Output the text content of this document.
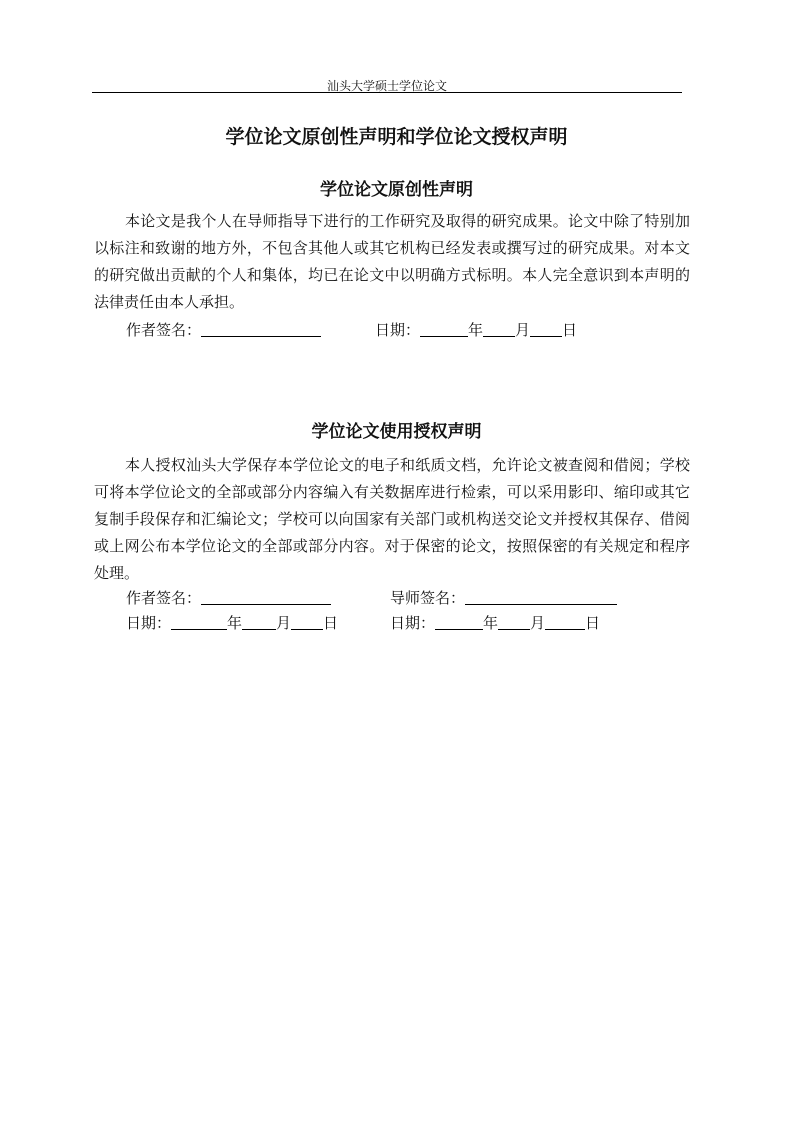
汕头大学硕士学位论文
学位论文原创性声明和学位论文授权声明
学位论文原创性声明

本论文是我个人在导师指导下进行的工作研究及取得的研究成果。论文中除了特别加以标注和致谢的地方外，不包含其他人或其它机构已经发表或撰写过的研究成果。对本文的研究做出贡献的个人和集体，均已在论文中以明确方式标明。本人完全意识到本声明的法律责任由本人承担。

作者签名：	日期：	年 月 日
学位论文使用授权声明

本人授权汕头大学保存本学位论文的电子和纸质文档，允许论文被查阅和借阅；学校可将本学位论文的全部或部分内容编入有关数据库进行检索，可以采用影印、缩印或其它复制手段保存和汇编论文；学校可以向国家有关部门或机构送交论文并授权其保存、借阅或上网公布本学位论文的全部或部分内容。对于保密的论文，按照保密的有关规定和程序处理。

作者签名：	导师签名：
日期：	年 月 日	日期：	年 月	日
